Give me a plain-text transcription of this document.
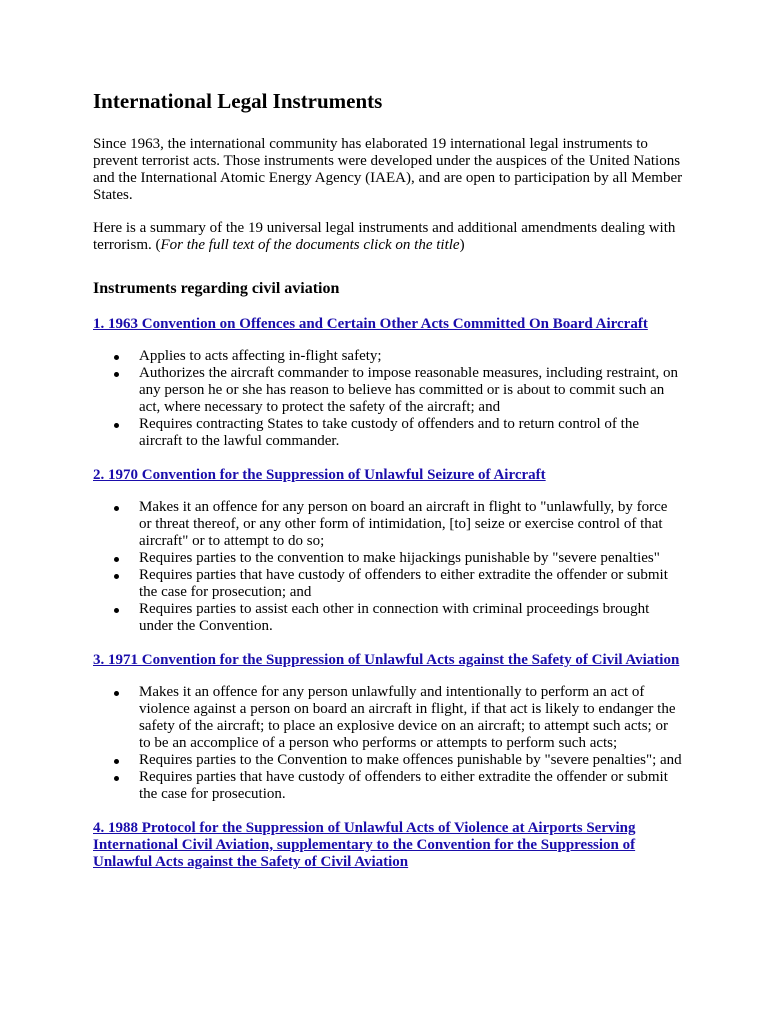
International Legal Instruments

Since 1963, the international community has elaborated 19 international legal instruments to prevent terrorist acts. Those instruments were developed under the auspices of the United Nations and the International Atomic Energy Agency (IAEA), and are open to participation by all Member States.

Here is a summary of the 19 universal legal instruments and additional amendments dealing with terrorism. (For the full text of the documents click on the title)

Instruments regarding civil aviation
1. 1963 Convention on Offences and Certain Other Acts Committed On Board Aircraft
Applies to acts affecting in-flight safety;
Authorizes the aircraft commander to impose reasonable measures, including restraint, on any person he or she has reason to believe has committed or is about to commit such an act, where necessary to protect the safety of the aircraft; and
Requires contracting States to take custody of offenders and to return control of the aircraft to the lawful commander.
2. 1970 Convention for the Suppression of Unlawful Seizure of Aircraft
Makes it an offence for any person on board an aircraft in flight to "unlawfully, by force or threat thereof, or any other form of intimidation, [to] seize or exercise control of that aircraft" or to attempt to do so;
Requires parties to the convention to make hijackings punishable by "severe penalties"
Requires parties that have custody of offenders to either extradite the offender or submit the case for prosecution; and
Requires parties to assist each other in connection with criminal proceedings brought under the Convention.
3. 1971 Convention for the Suppression of Unlawful Acts against the Safety of Civil Aviation
Makes it an offence for any person unlawfully and intentionally to perform an act of violence against a person on board an aircraft in flight, if that act is likely to endanger the safety of the aircraft; to place an explosive device on an aircraft; to attempt such acts; or to be an accomplice of a person who performs or attempts to perform such acts;
Requires parties to the Convention to make offences punishable by "severe penalties"; and
Requires parties that have custody of offenders to either extradite the offender or submit the case for prosecution.
4. 1988 Protocol for the Suppression of Unlawful Acts of Violence at Airports Serving International Civil Aviation, supplementary to the Convention for the Suppression of Unlawful Acts against the Safety of Civil Aviation
